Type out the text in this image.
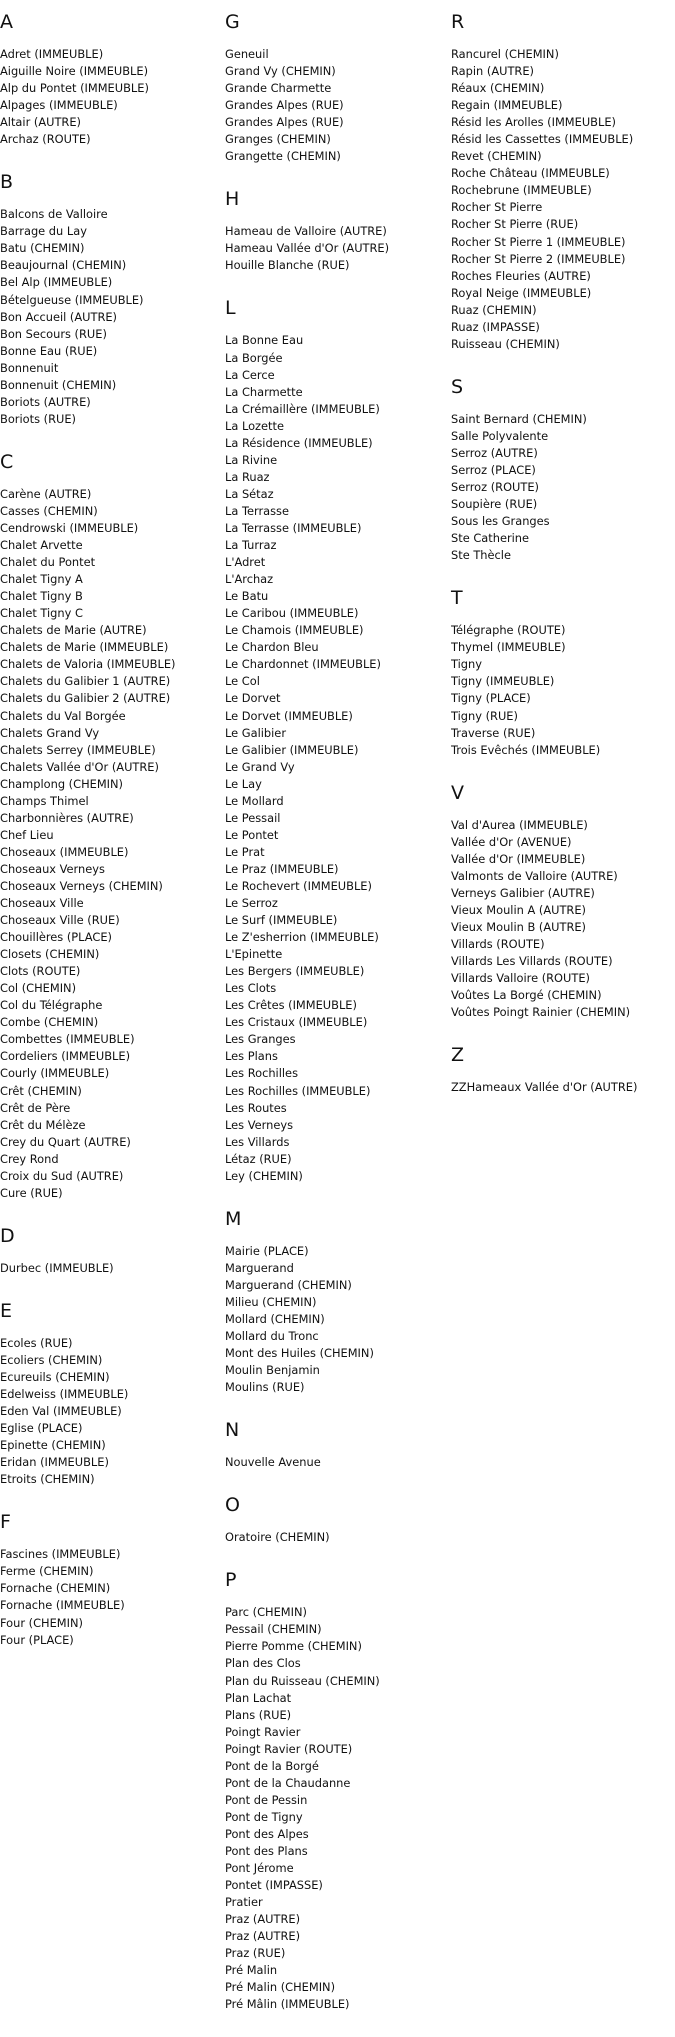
A
Adret (IMMEUBLE)
Aiguille Noire (IMMEUBLE)
Alp du Pontet (IMMEUBLE)
Alpages (IMMEUBLE)
Altair (AUTRE)
Archaz (ROUTE)
B
Balcons de Valloire
Barrage du Lay
Batu (CHEMIN)
Beaujournal (CHEMIN)
Bel Alp (IMMEUBLE)
Bételgueuse (IMMEUBLE)
Bon Accueil (AUTRE)
Bon Secours (RUE)
Bonne Eau (RUE)
Bonnenuit
Bonnenuit (CHEMIN)
Boriots (AUTRE)
Boriots (RUE)
C
Carène (AUTRE)
Casses (CHEMIN)
Cendrowski (IMMEUBLE)
Chalet Arvette
Chalet du Pontet
Chalet Tigny A
Chalet Tigny B
Chalet Tigny C
Chalets de Marie (AUTRE)
Chalets de Marie (IMMEUBLE)
Chalets de Valoria (IMMEUBLE)
Chalets du Galibier 1 (AUTRE)
Chalets du Galibier 2 (AUTRE)
Chalets du Val Borgée
Chalets Grand Vy
Chalets Serrey (IMMEUBLE)
Chalets Vallée d'Or (AUTRE)
Champlong (CHEMIN)
Champs Thimel
Charbonnières (AUTRE)
Chef Lieu
Choseaux (IMMEUBLE)
Choseaux Verneys
Choseaux Verneys (CHEMIN)
Choseaux Ville
Choseaux Ville (RUE)
Chouillères (PLACE)
Closets (CHEMIN)
Clots (ROUTE)
Col (CHEMIN)
Col du Télégraphe
Combe (CHEMIN)
Combettes (IMMEUBLE)
Cordeliers (IMMEUBLE)
Courly (IMMEUBLE)
Crêt (CHEMIN)
Crêt de Père
Crêt du Mélèze
Crey du Quart (AUTRE)
Crey Rond
Croix du Sud (AUTRE)
Cure (RUE)
D
Durbec (IMMEUBLE)
E
Ecoles (RUE)
Ecoliers (CHEMIN)
Ecureuils (CHEMIN)
Edelweiss (IMMEUBLE)
Eden Val (IMMEUBLE)
Eglise (PLACE)
Epinette (CHEMIN)
Eridan (IMMEUBLE)
Etroits (CHEMIN)
F
Fascines (IMMEUBLE)
Ferme (CHEMIN)
Fornache (CHEMIN)
Fornache (IMMEUBLE)
Four (CHEMIN)
Four (PLACE)
G
Geneuil
Grand Vy (CHEMIN)
Grande Charmette
Grandes Alpes (RUE)
Grandes Alpes (RUE)
Granges (CHEMIN)
Grangette (CHEMIN)
H
Hameau de Valloire (AUTRE)
Hameau Vallée d'Or (AUTRE)
Houille Blanche (RUE)
L
La Bonne Eau
La Borgée
La Cerce
La Charmette
La Crémaillère (IMMEUBLE)
La Lozette
La Résidence (IMMEUBLE)
La Rivine
La Ruaz
La Sétaz
La Terrasse
La Terrasse (IMMEUBLE)
La Turraz
L'Adret
L'Archaz
Le Batu
Le Caribou (IMMEUBLE)
Le Chamois (IMMEUBLE)
Le Chardon Bleu
Le Chardonnet (IMMEUBLE)
Le Col
Le Dorvet
Le Dorvet (IMMEUBLE)
Le Galibier
Le Galibier (IMMEUBLE)
Le Grand Vy
Le Lay
Le Mollard
Le Pessail
Le Pontet
Le Prat
Le Praz (IMMEUBLE)
Le Rochevert (IMMEUBLE)
Le Serroz
Le Surf (IMMEUBLE)
Le Z'esherrion (IMMEUBLE)
L'Epinette
Les Bergers (IMMEUBLE)
Les Clots
Les Crêtes (IMMEUBLE)
Les Cristaux (IMMEUBLE)
Les Granges
Les Plans
Les Rochilles
Les Rochilles (IMMEUBLE)
Les Routes
Les Verneys
Les Villards
Létaz (RUE)
Ley (CHEMIN)
M
Mairie (PLACE)
Marguerand
Marguerand (CHEMIN)
Milieu (CHEMIN)
Mollard (CHEMIN)
Mollard du Tronc
Mont des Huiles (CHEMIN)
Moulin Benjamin
Moulins (RUE)
N
Nouvelle Avenue
O
Oratoire (CHEMIN)
P
Parc (CHEMIN)
Pessail (CHEMIN)
Pierre Pomme (CHEMIN)
Plan des Clos
Plan du Ruisseau (CHEMIN)
Plan Lachat
Plans (RUE)
Poingt Ravier
Poingt Ravier (ROUTE)
Pont de la Borgé
Pont de la Chaudanne
Pont de Pessin
Pont de Tigny
Pont des Alpes
Pont des Plans
Pont Jérome
Pontet (IMPASSE)
Pratier
Praz (AUTRE)
Praz (AUTRE)
Praz (RUE)
Pré Malin
Pré Malin (CHEMIN)
Pré Mâlin (IMMEUBLE)
R
Rancurel (CHEMIN)
Rapin (AUTRE)
Réaux (CHEMIN)
Regain (IMMEUBLE)
Résid les Arolles (IMMEUBLE)
Résid les Cassettes (IMMEUBLE)
Revet (CHEMIN)
Roche Château (IMMEUBLE)
Rochebrune (IMMEUBLE)
Rocher St Pierre
Rocher St Pierre (RUE)
Rocher St Pierre 1 (IMMEUBLE)
Rocher St Pierre 2 (IMMEUBLE)
Roches Fleuries (AUTRE)
Royal Neige (IMMEUBLE)
Ruaz (CHEMIN)
Ruaz (IMPASSE)
Ruisseau (CHEMIN)
S
Saint Bernard (CHEMIN)
Salle Polyvalente
Serroz (AUTRE)
Serroz (PLACE)
Serroz (ROUTE)
Soupière (RUE)
Sous les Granges
Ste Catherine
Ste Thècle
T
Télégraphe (ROUTE)
Thymel (IMMEUBLE)
Tigny
Tigny (IMMEUBLE)
Tigny (PLACE)
Tigny (RUE)
Traverse (RUE)
Trois Evêchés (IMMEUBLE)
V
Val d'Aurea (IMMEUBLE)
Vallée d'Or (AVENUE)
Vallée d'Or (IMMEUBLE)
Valmonts de Valloire (AUTRE)
Verneys Galibier (AUTRE)
Vieux Moulin A (AUTRE)
Vieux Moulin B (AUTRE)
Villards (ROUTE)
Villards Les Villards (ROUTE)
Villards Valloire (ROUTE)
Voûtes La Borgé (CHEMIN)
Voûtes Poingt Rainier (CHEMIN)
Z
ZZHameaux Vallée d'Or (AUTRE)
